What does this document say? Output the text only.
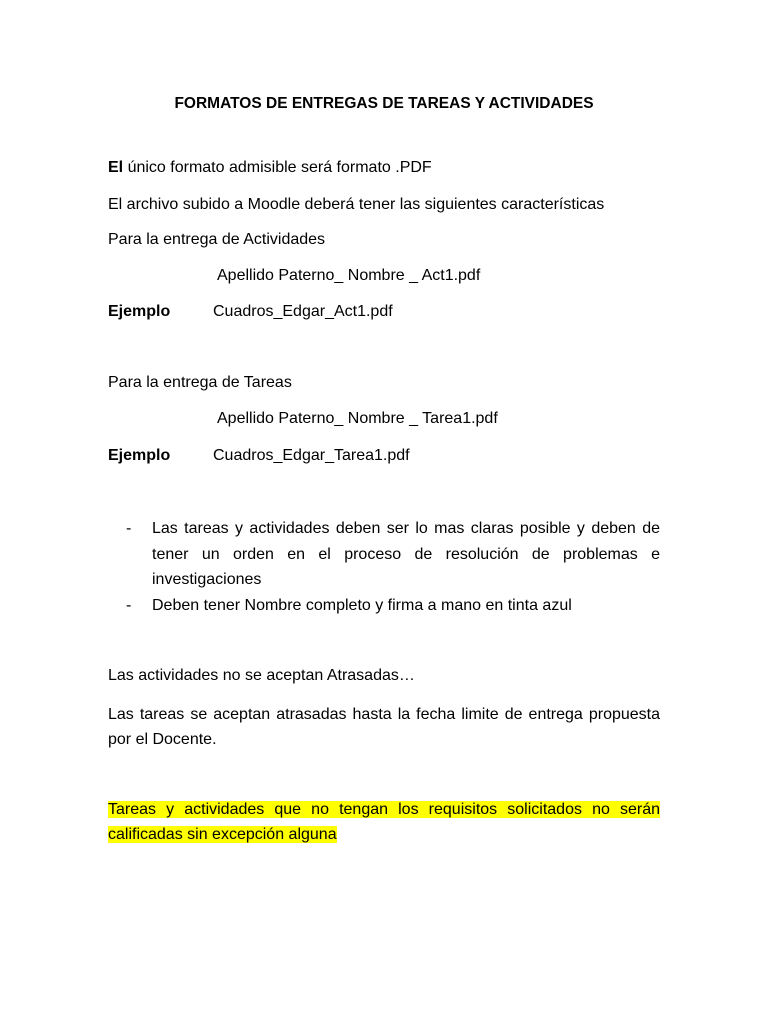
FORMATOS DE ENTREGAS DE TAREAS Y ACTIVIDADES
El único formato admisible será formato .PDF
El archivo subido a Moodle deberá tener las siguientes características
Para la entrega de Actividades
Apellido Paterno_ Nombre _ Act1.pdf
Ejemplo	Cuadros_Edgar_Act1.pdf
Para la entrega de Tareas
Apellido Paterno_ Nombre _ Tarea1.pdf
Ejemplo	Cuadros_Edgar_Tarea1.pdf
- Las tareas y actividades deben ser lo mas claras posible y deben de tener un orden en el proceso de resolución de problemas e investigaciones
- Deben tener Nombre completo y firma a mano en tinta azul
Las actividades no se aceptan Atrasadas…
Las tareas se aceptan atrasadas hasta la fecha limite de entrega propuesta por el Docente.
Tareas y actividades que no tengan los requisitos solicitados no serán calificadas sin excepción alguna
